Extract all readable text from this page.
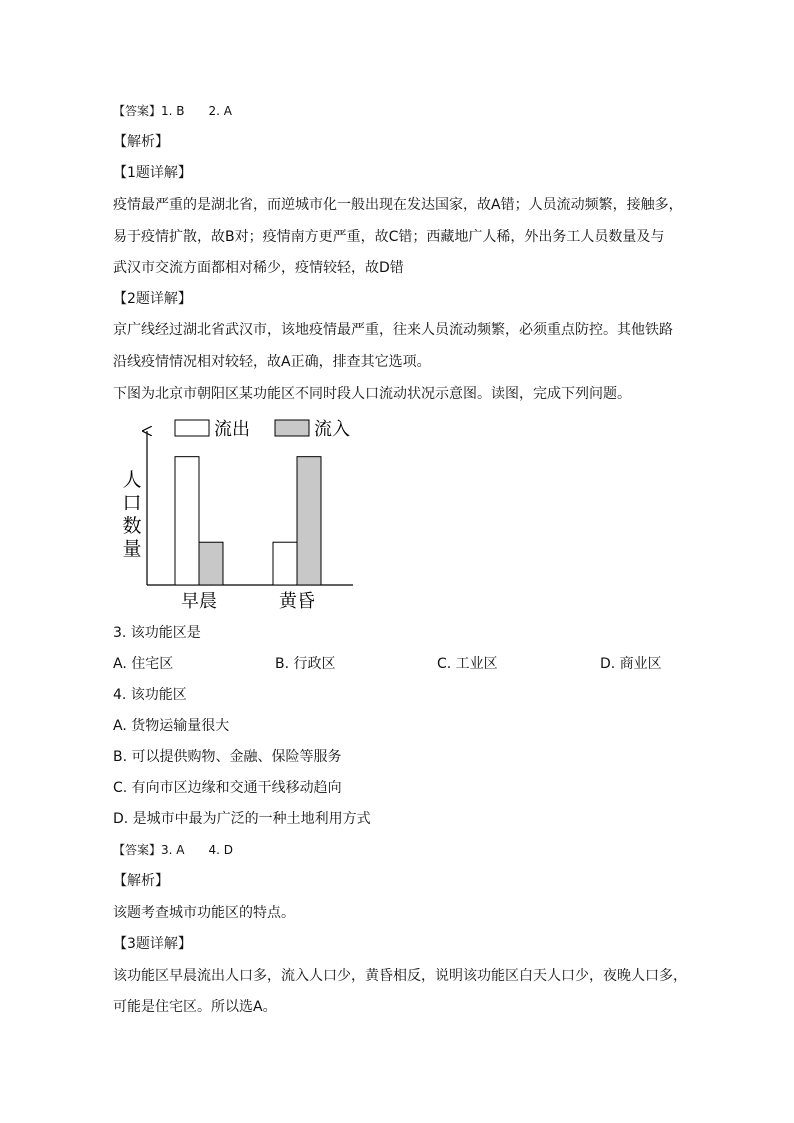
【答案】1. B　　2. A
【解析】
【1题详解】
疫情最严重的是湖北省，而逆城市化一般出现在发达国家，故A错；人员流动频繁，接触多，
易于疫情扩散，故B对；疫情南方更严重，故C错；西藏地广人稀，外出务工人员数量及与
武汉市交流方面都相对稀少，疫情较轻，故D错
【2题详解】
京广线经过湖北省武汉市，该地疫情最严重，往来人员流动频繁，必须重点防控。其他铁路
沿线疫情情况相对较轻，故A正确，排查其它选项。
下图为北京市朝阳区某功能区不同时段人口流动状况示意图。读图，完成下列问题。
流出	流入
人
口
数
量
早晨	黄昏
3. 该功能区是
A. 住宅区	B. 行政区	C. 工业区	D. 商业区
4. 该功能区
A. 货物运输量很大
B. 可以提供购物、金融、保险等服务
C. 有向市区边缘和交通干线移动趋向
D. 是城市中最为广泛的一种土地利用方式
【答案】3. A　　4. D
【解析】
该题考查城市功能区的特点。
【3题详解】
该功能区早晨流出人口多，流入人口少，黄昏相反，说明该功能区白天人口少，夜晚人口多，
可能是住宅区。所以选A。
